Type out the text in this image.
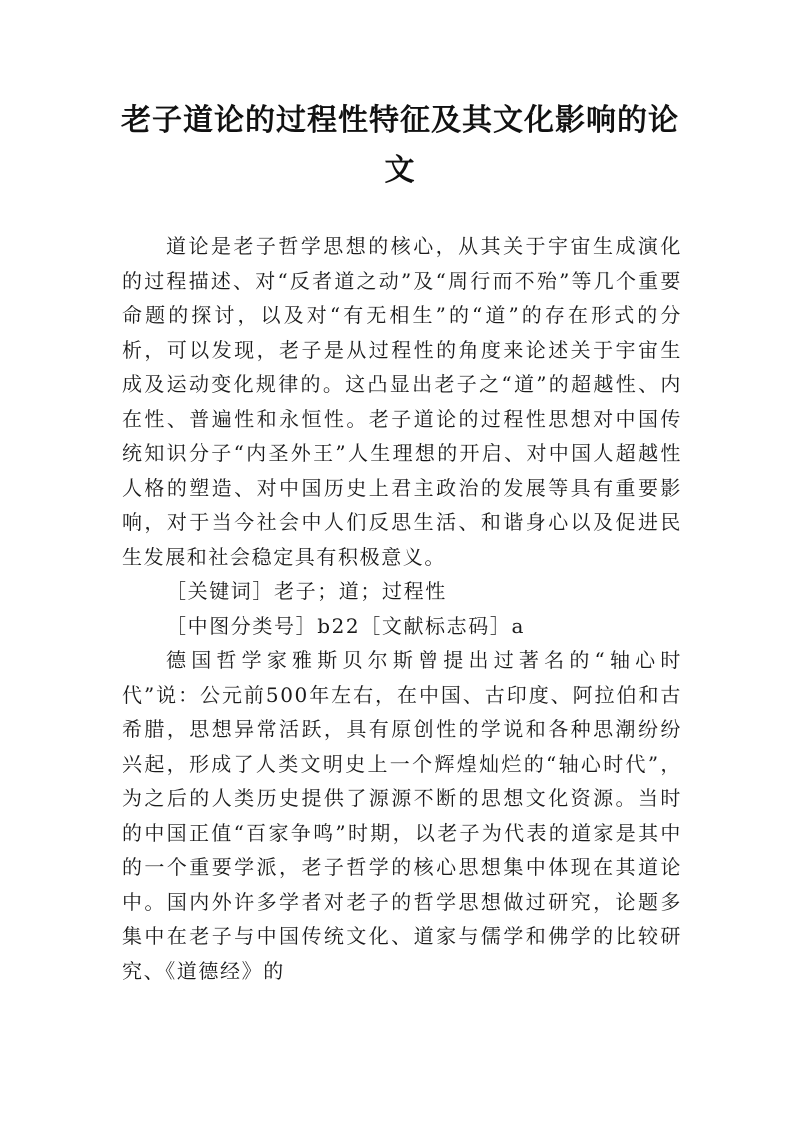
老子道论的过程性特征及其文化影响的论文

道论是老子哲学思想的核心，从其关于宇宙生成演化的过程描述、对“反者道之动”及“周行而不殆”等几个重要命题的探讨，以及对“有无相生”的“道”的存在形式的分析，可以发现，老子是从过程性的角度来论述关于宇宙生成及运动变化规律的。这凸显出老子之“道”的超越性、内在性、普遍性和永恒性。老子道论的过程性思想对中国传统知识分子“内圣外王”人生理想的开启、对中国人超越性人格的塑造、对中国历史上君主政治的发展等具有重要影响，对于当今社会中人们反思生活、和谐身心以及促进民生发展和社会稳定具有积极意义。

［关键词］老子；道；过程性

［中图分类号］b22［文献标志码］a

德国哲学家雅斯贝尔斯曾提出过著名的“轴心时代”说：公元前500年左右，在中国、古印度、阿拉伯和古希腊，思想异常活跃，具有原创性的学说和各种思潮纷纷兴起，形成了人类文明史上一个辉煌灿烂的“轴心时代”，为之后的人类历史提供了源源不断的思想文化资源。当时的中国正值“百家争鸣”时期，以老子为代表的道家是其中的一个重要学派，老子哲学的核心思想集中体现在其道论中。国内外许多学者对老子的哲学思想做过研究，论题多集中在老子与中国传统文化、道家与儒学和佛学的比较研究、《道德经》的
